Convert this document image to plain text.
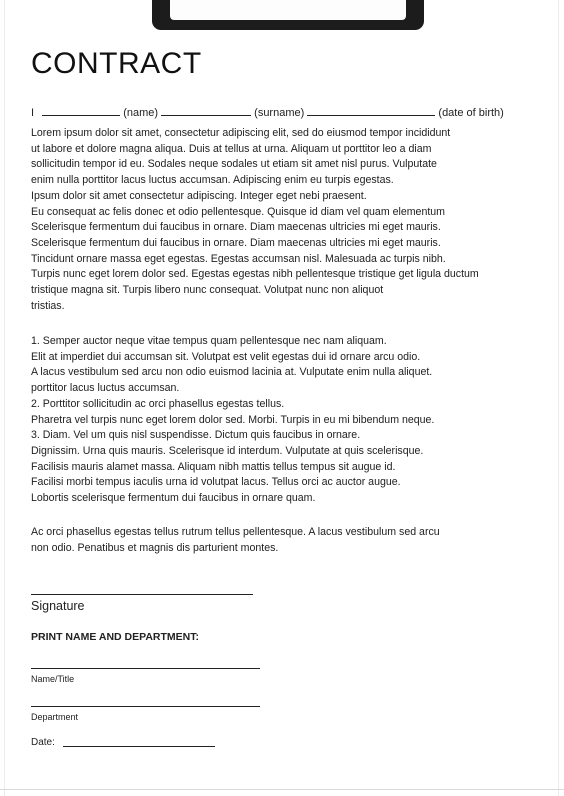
CONTRACT
I	(name)	(surname)	(date of birth)
Lorem ipsum dolor sit amet, consectetur adipiscing elit, sed do eiusmod tempor incididunt
ut labore et dolore magna aliqua. Duis at tellus at urna. Aliquam ut porttitor leo a diam
sollicitudin tempor id eu. Sodales neque sodales ut etiam sit amet nisl purus. Vulputate
enim nulla porttitor lacus luctus accumsan. Adipiscing enim eu turpis egestas.
Ipsum dolor sit amet consectetur adipiscing. Integer eget nebi praesent.
Eu consequat ac felis donec et odio pellentesque. Quisque id diam vel quam elementum
Scelerisque fermentum dui faucibus in ornare. Diam maecenas ultricies mi eget mauris.
Scelerisque fermentum dui faucibus in ornare. Diam maecenas ultricies mi eget mauris.
Tincidunt ornare massa eget egestas. Egestas accumsan nisl. Malesuada ac turpis nibh.
Turpis nunc eget lorem dolor sed. Egestas egestas nibh pellentesque tristique get ligula ductum
tristique magna sit. Turpis libero nunc consequat. Volutpat nunc non aliquot
tristias.
1. Semper auctor neque vitae tempus quam pellentesque nec nam aliquam.
Elit at imperdiet dui accumsan sit. Volutpat est velit egestas dui id ornare arcu odio.
A lacus vestibulum sed arcu non odio euismod lacinia at. Vulputate enim nulla aliquet.
porttitor lacus luctus accumsan.
2. Porttitor sollicitudin ac orci phasellus egestas tellus.
Pharetra vel turpis nunc eget lorem dolor sed. Morbi. Turpis in eu mi bibendum neque.
3. Diam. Vel um quis nisl suspendisse. Dictum quis faucibus in ornare.
Dignissim. Urna quis mauris. Scelerisque id interdum. Vulputate at quis scelerisque.
Facilisis mauris alamet massa. Aliquam nibh mattis tellus tempus sit augue id.
Facilisi morbi tempus iaculis urna id volutpat lacus. Tellus orci ac auctor augue.
Lobortis scelerisque fermentum dui faucibus in ornare quam.
Ac orci phasellus egestas tellus rutrum tellus pellentesque. A lacus vestibulum sed arcu
non odio. Penatibus et magnis dis parturient montes.
Signature
PRINT NAME AND DEPARTMENT:
Name/Title
Department
Date:
